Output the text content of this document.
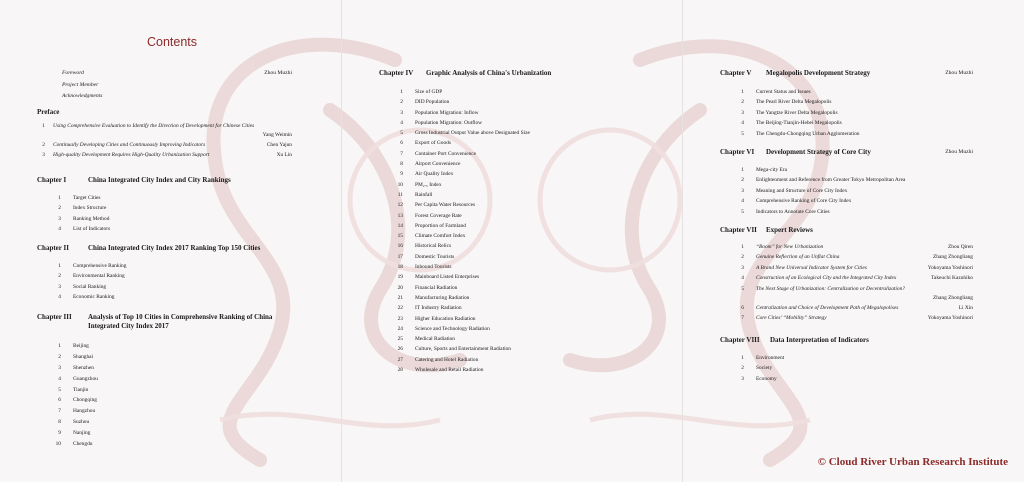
Contents
Foreword	Zhou Muzhi
Project Member
Acknowledgments
Preface
1 Using Comprehensive Evaluation to Identify the Direction of Development for Chinese Cities
Yang Weimin
2 Continually Developing Cities and Continuously Improving Indicators	Chen Yajun
3 High-quality Development Requires High-Quality Urbanization Support	Xu Lin
Chapter I	China Integrated City Index and City Rankings
1 Target Cities
2 Index Structure
3 Ranking Method
4 List of Indicators
Chapter II	China Integrated City Index 2017 Ranking Top 150 Cities
1 Comprehensive Ranking
2 Environmental Ranking
3 Social Ranking
4 Economic Ranking
Chapter III Analysis of Top 10 Cities in Comprehensive Ranking of China
Integrated City Index 2017
1 Beijing
2 Shanghai
3 Shenzhen
4 Guangzhou
5 Tianjin
6 Chongqing
7 Hangzhou
8 Suzhou
9 Nanjing
10 Chengdu
Chapter IV Graphic Analysis of China's Urbanization
1 Size of GDP
2 DID Population
3 Population Migration: Inflow
4 Population Migration: Outflow
5 Gross Industrial Output Value above Designated Size
6 Export of Goods
7 Container Port Convenience
8 Airport Convenience
9 Air Quality Index
10 PM₂.₅ Index
11 Rainfall
12 Per Capita Water Resources
13 Forest Coverage Rate
14 Proportion of Farmland
15 Climate Comfort Index
16 Historical Relics
17 Domestic Tourists
18 Inbound Tourists
19 Mainboard Listed Enterprises
20 Financial Radiation
21 Manufacturing Radiation
22 IT Industry Radiation
23 Higher Education Radiation
24 Science and Technology Radiation
25 Medical Radiation
26 Culture, Sports and Entertainment Radiation
27 Catering and Hotel Radiation
28 Wholesale and Retail Radiation
Chapter V Megalopolis Development Strategy	Zhou Muzhi
1 Current Status and Issues
2 The Pearl River Delta Megalopolis
3 The Yangtze River Delta Megalopolis
4 The Beijing-Tianjin-Hebei Megalopolis
5 The Chengdu-Chongqing Urban Agglomeration
Chapter VI Development Strategy of Core City	Zhou Muzhi
1 Mega-city Era
2 Enlightenment and Reference from Greater Tokyo Metropolitan Area
3 Meaning and Structure of Core City Index
4 Comprehensive Ranking of Core City Index
5 Indicators to Annotate Core Cities
Chapter VII Expert Reviews
1 “Boom” for New Urbanization	Zhou Qiren
2 Genuine Reflection of an Unflat China	Zhang Zhongliang
3 A Brand New Universal Indicator System for Cities	Yokoyama Yoshinori
4 Construction of an Ecological City and the Integrated City Index	Takeuchi Kazuhiko
5 The Next Stage of Urbanization: Centralization or Decentralization?
Zhang Zhongliang
6 Centralization and Choice of Development Path of Megalopolises	Li Xin
7 Core Cities’ “Mobility” Strategy	Yokoyama Yoshinori
Chapter VIII Data Interpretation of Indicators
1 Environment
2 Society
3 Economy

© Cloud River Urban Research Institute
